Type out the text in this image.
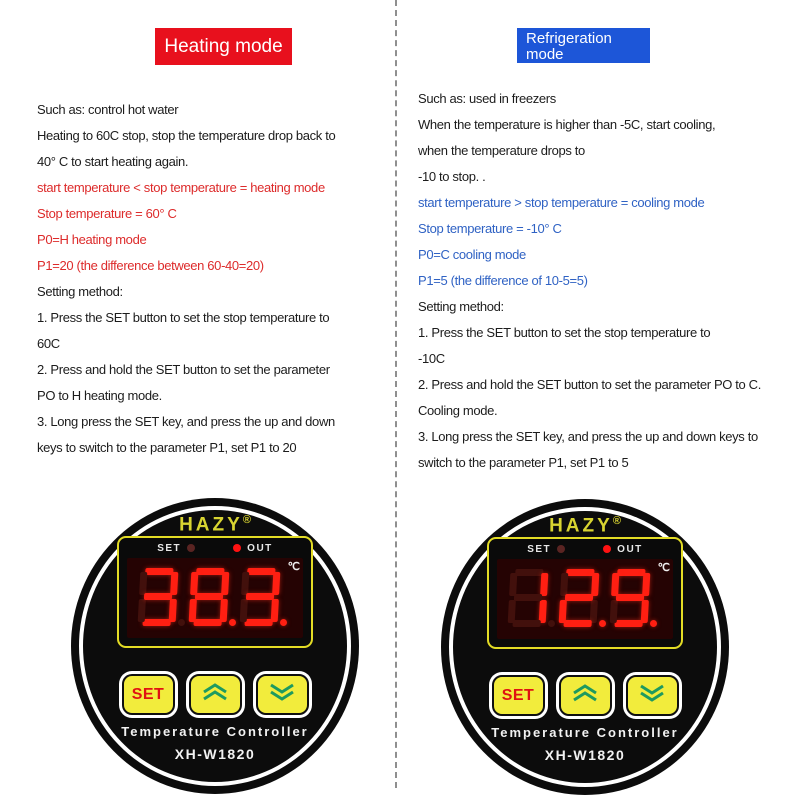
Heating mode	Refrigeration mode
Such as: control hot water
Heating to 60C stop, stop the temperature drop back to
40° C to start heating again.
start temperature < stop temperature = heating mode
Stop temperature = 60° C
P0=H heating mode
P1=20 (the difference between 60-40=20)
Setting method:
1. Press the SET button to set the stop temperature to
60C
2. Press and hold the SET button to set the parameter
PO to H heating mode.
3. Long press the SET key, and press the up and down
keys to switch to the parameter P1, set P1 to 20
Such as: used in freezers
When the temperature is higher than -5C, start cooling,
when the temperature drops to
-10 to stop. .
start temperature > stop temperature = cooling mode
Stop temperature = -10° C
P0=C cooling mode
P1=5 (the difference of 10-5=5)
Setting method:
1. Press the SET button to set the stop temperature to
-10C
2. Press and hold the SET button to set the parameter PO to C.
Cooling mode.
3. Long press the SET key, and press the up and down keys to
switch to the parameter P1, set P1 to 5
HAZY®
SET	OUT
℃
SET
Temperature Controller
XH-W1820
HAZY®
SET	OUT
℃
SET
Temperature Controller
XH-W1820
